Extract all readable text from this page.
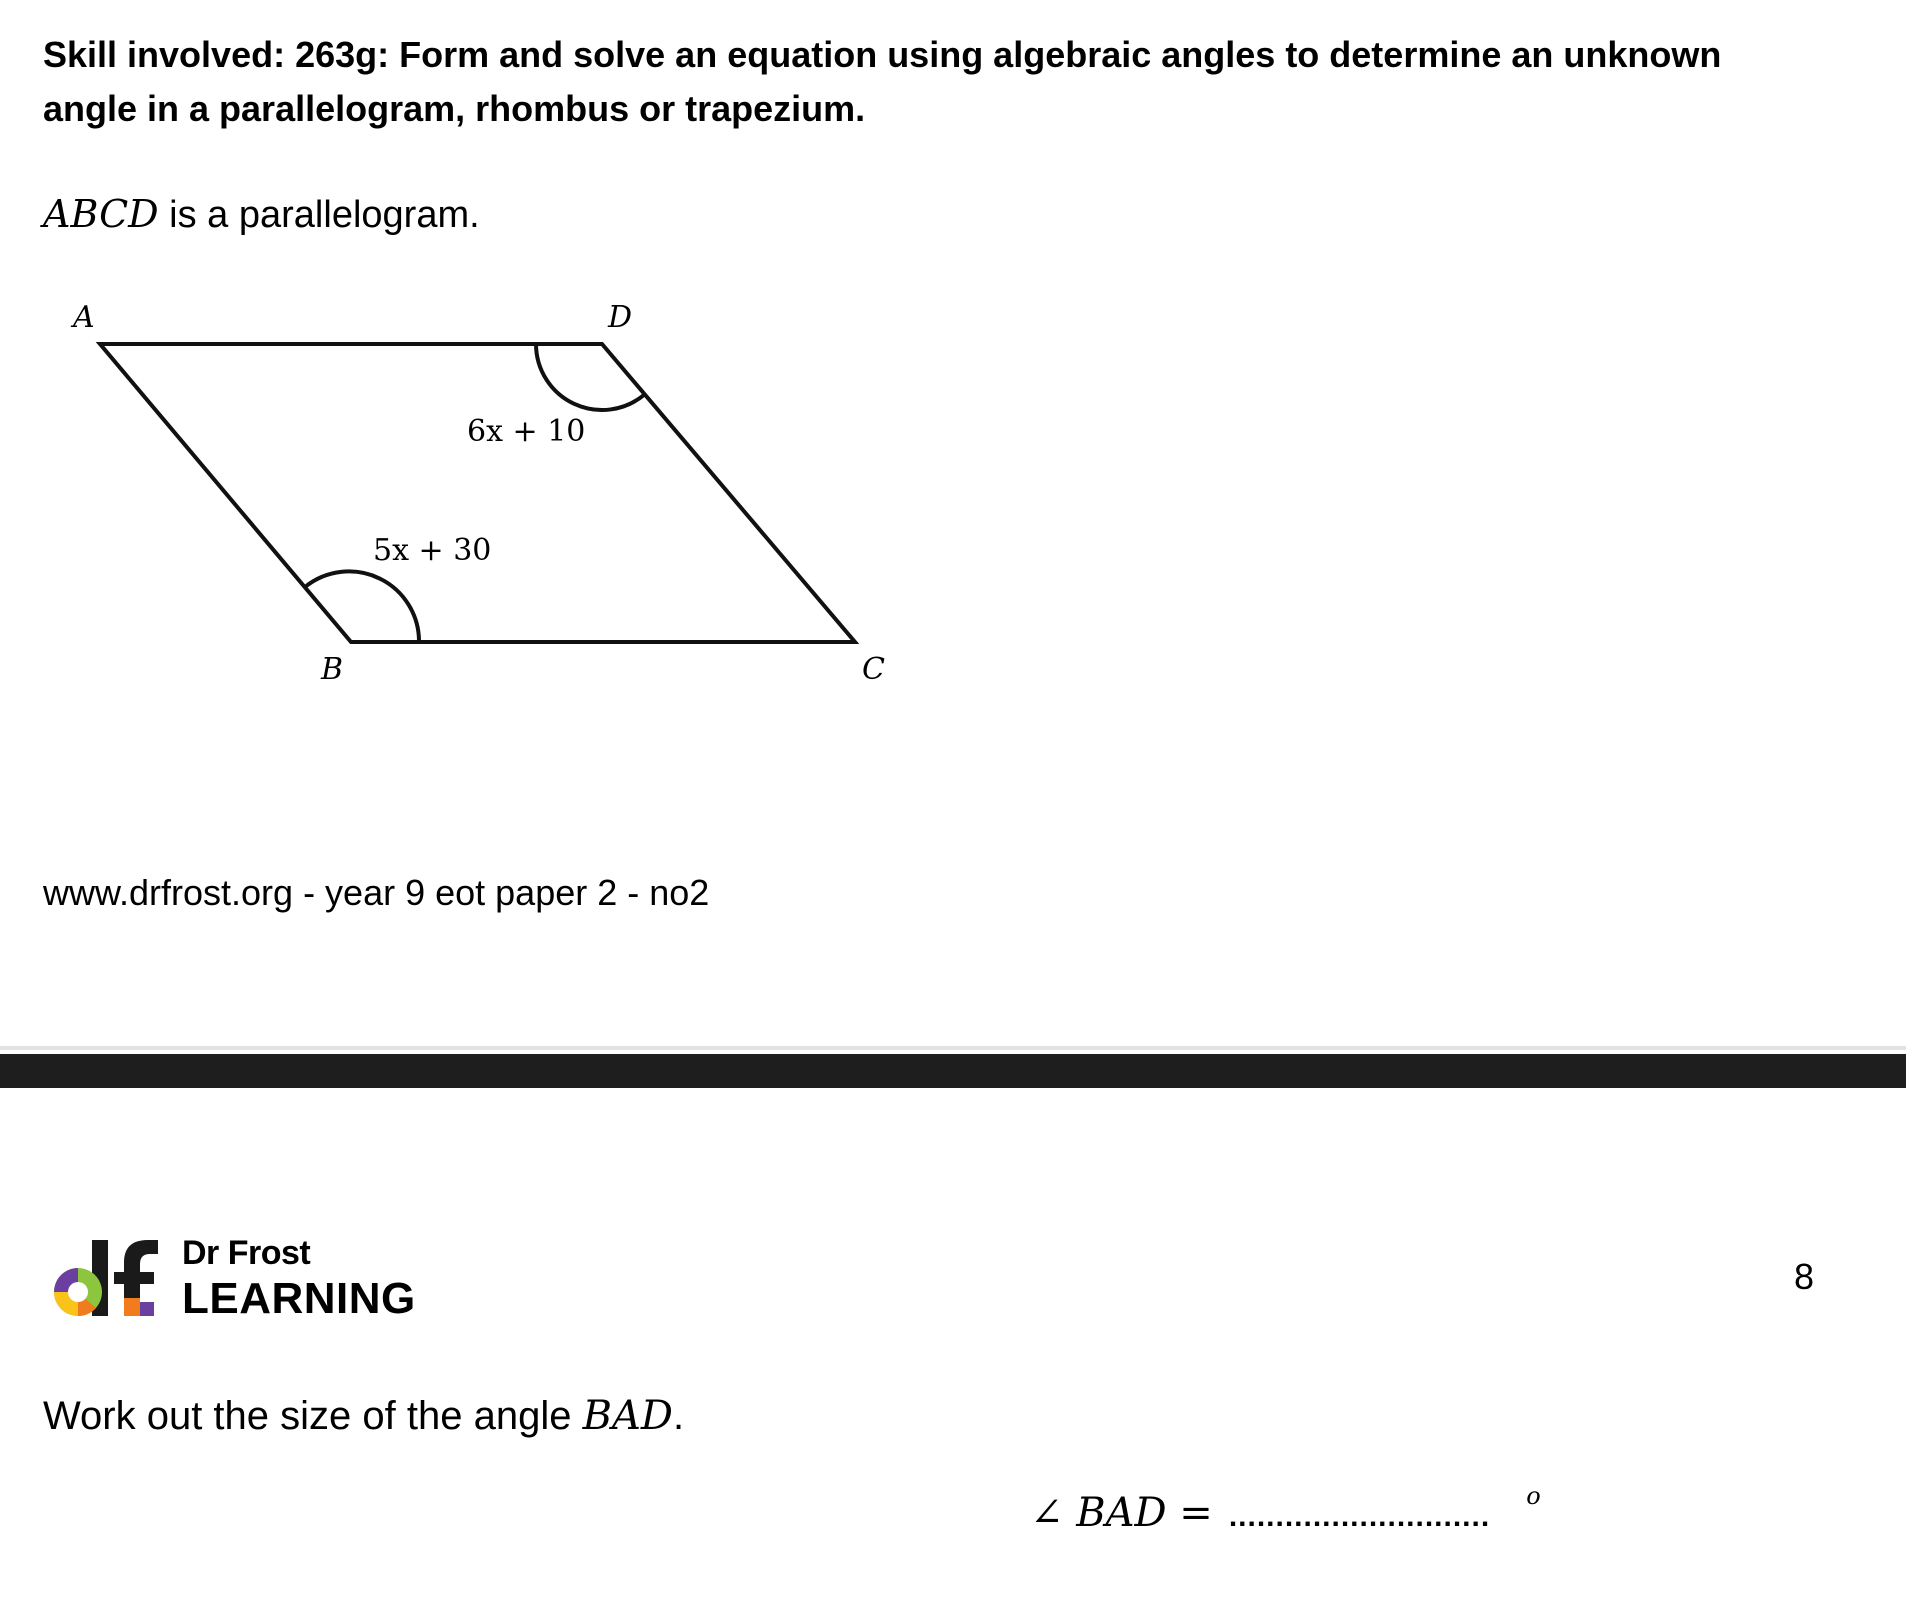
Skill involved: 263g: Form and solve an equation using algebraic angles to determine an unknown angle in a parallelogram, rhombus or trapezium.
ABCD is a parallelogram.
A	D
B	C
6x + 10
5x + 30
www.drfrost.org - year 9 eot paper 2 - no2
Dr Frost
LEARNING	8
Work out the size of the angle BAD.
∠ BAD = ............................
o
